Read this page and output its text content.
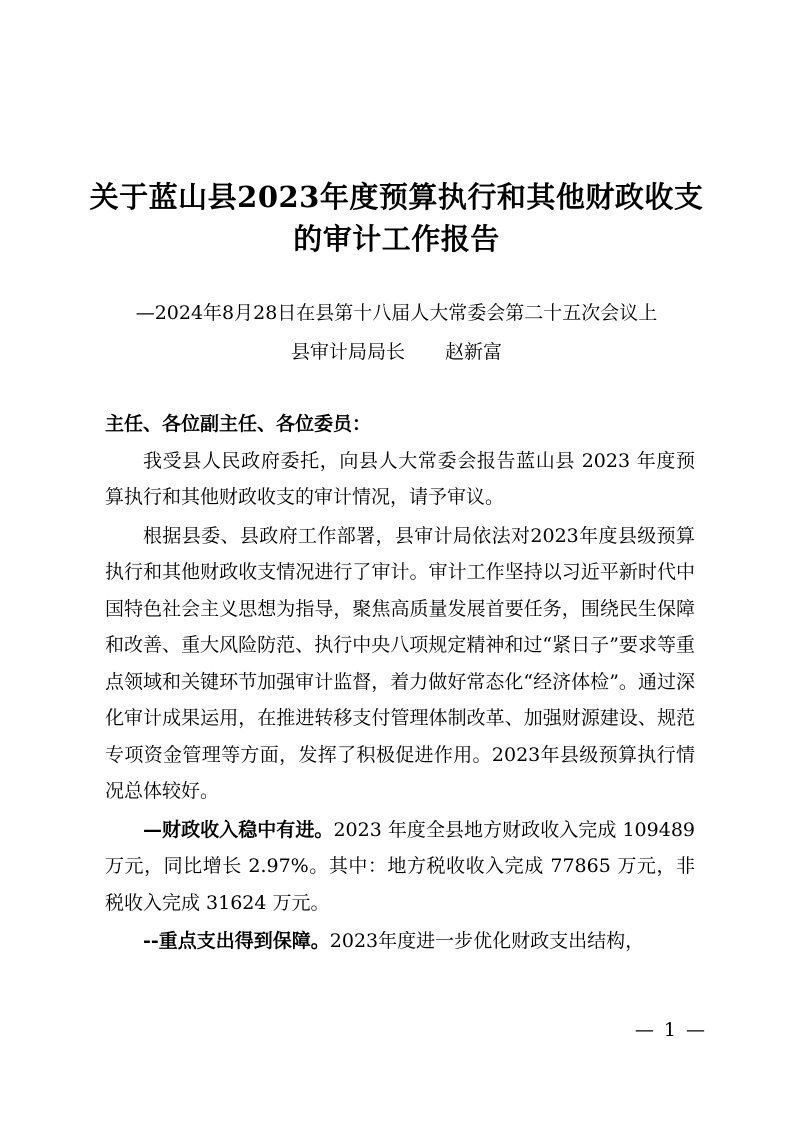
关于蓝山县2023年度预算执行和其他财政收支
的审计工作报告
—2024年8月28日在县第十八届人大常委会第二十五次会议上
县审计局局长 赵新富

主任、各位副主任、各位委员：

我受县人民政府委托，向县人大常委会报告蓝山县 2023 年度预算执行和其他财政收支的审计情况，请予审议。

根据县委、县政府工作部署，县审计局依法对2023年度县级预算执行和其他财政收支情况进行了审计。审计工作坚持以习近平新时代中国特色社会主义思想为指导，聚焦高质量发展首要任务，围绕民生保障和改善、重大风险防范、执行中央八项规定精神和过“紧日子”要求等重点领域和关键环节加强审计监督，着力做好常态化“经济体检”。通过深化审计成果运用，在推进转移支付管理体制改革、加强财源建设、规范专项资金管理等方面，发挥了积极促进作用。2023年县级预算执行情况总体较好。

—财政收入稳中有进。2023 年度全县地方财政收入完成 109489 万元，同比增长 2.97%。其中：地方税收收入完成 77865 万元，非税收入完成 31624 万元。

--重点支出得到保障。2023年度进一步优化财政支出结构，

— 1 —
